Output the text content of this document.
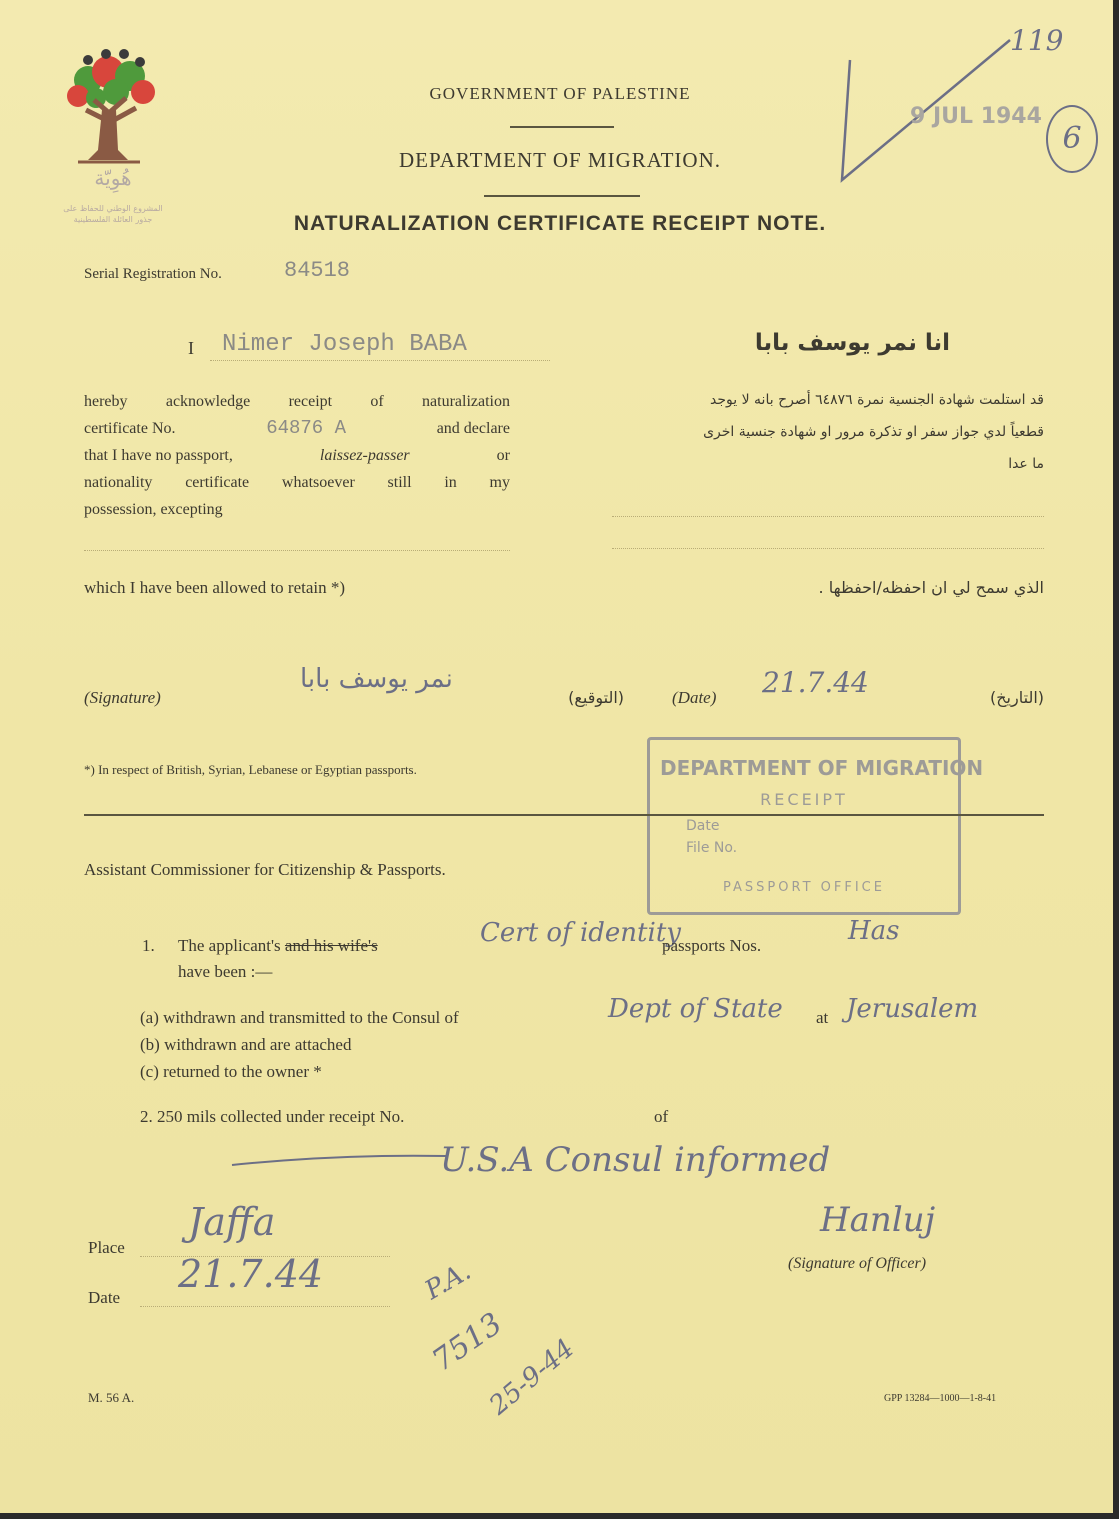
هُوِيّة
المشروع الوطني للحفاظ على
جذور العائلة الفلسطينية
GOVERNMENT OF PALESTINE
DEPARTMENT OF MIGRATION.
NATURALIZATION CERTIFICATE RECEIPT NOTE.
119
9 JUL 1944
6
Serial Registration No.	84518
I Nimer Joseph BABA	انا نمر يوسف بابا
hereby acknowledge receipt of naturalization
certificate No.	64876 A	and declare
that I have no passport,	laissez-passer	or
nationality certificate whatsoever still in my
possession, excepting
قد استلمت شهادة الجنسية نمرة ٦٤٨٧٦ أصرح بانه لا يوجد
قطعياً لدي جواز سفر او تذكرة مرور او شهادة جنسية اخرى
ما عدا
which I have been allowed to retain *)	الذي سمح لي ان احفظه/احفظها .
(Signature)
نمر يوسف بابا
(التوقيع)	(Date) 21.7.44	(التاريخ)
*) In respect of British, Syrian, Lebanese or Egyptian passports.	DEPARTMENT OF MIGRATION
RECEIPT
Date
File No.
PASSPORT OFFICE
Assistant Commissioner for Citizenship & Passports.
1. The applicant's and his wife's	Cert of identity
passports Nos.	Has
have been :—
(a) withdrawn and transmitted to the Consul of	Dept of State at Jerusalem
(b) withdrawn and are attached
(c) returned to the owner *
2. 250 mils collected under receipt No.	of
U.S.A Consul informed
Place
Jaffa
Date
21.7.44
Hanluj
(Signature of Officer)
P.A.
7513
25-9-44
M. 56 A.	GPP 13284—1000—1-8-41
